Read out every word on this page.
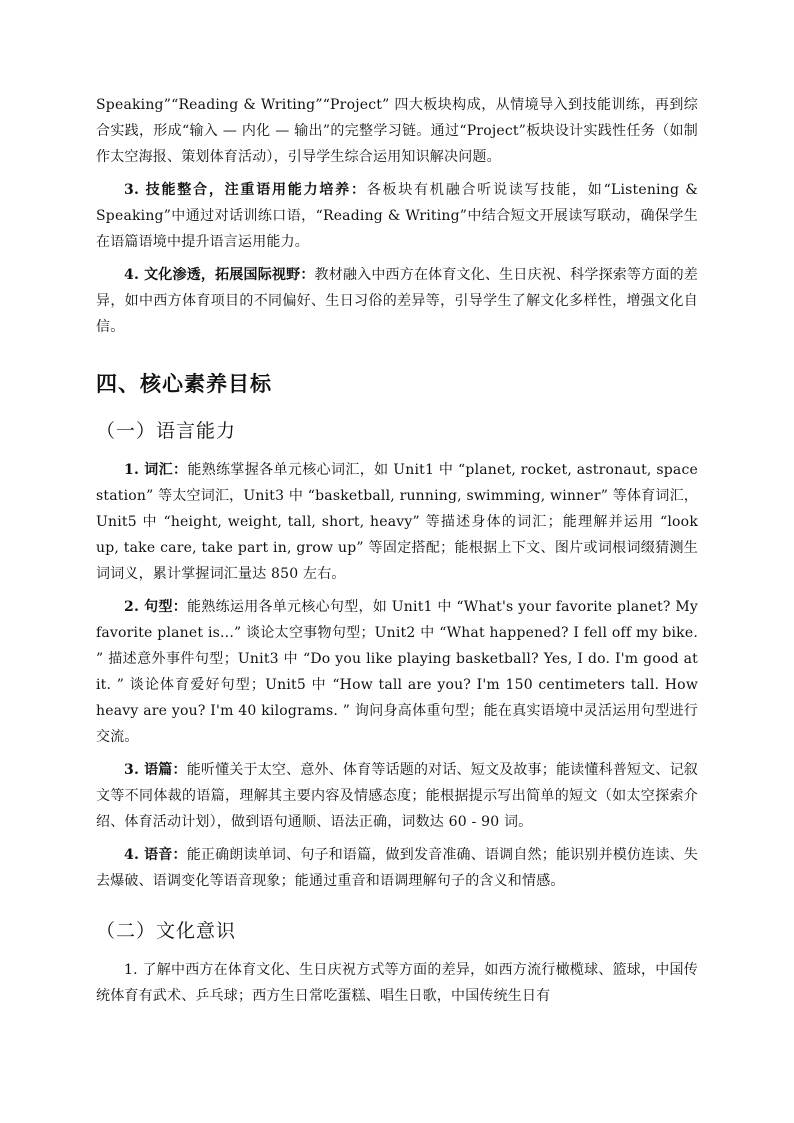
Speaking”“Reading & Writing”“Project” 四大板块构成，从情境导入到技能训练，再到综合实践，形成“输入 — 内化 — 输出”的完整学习链。通过“Project”板块设计实践性任务（如制作太空海报、策划体育活动），引导学生综合运用知识解决问题。

3. 技能整合，注重语用能力培养：各板块有机融合听说读写技能，如“Listening & Speaking”中通过对话训练口语，“Reading & Writing”中结合短文开展读写联动，确保学生在语篇语境中提升语言运用能力。

4. 文化渗透，拓展国际视野：教材融入中西方在体育文化、生日庆祝、科学探索等方面的差异，如中西方体育项目的不同偏好、生日习俗的差异等，引导学生了解文化多样性，增强文化自信。

四、核心素养目标
（一）语言能力

1. 词汇：能熟练掌握各单元核心词汇，如 Unit1 中 “planet, rocket, astronaut, space station” 等太空词汇，Unit3 中 “basketball, running, swimming, winner” 等体育词汇，Unit5 中 “height, weight, tall, short, heavy” 等描述身体的词汇；能理解并运用 “look up, take care, take part in, grow up” 等固定搭配；能根据上下文、图片或词根词缀猜测生词词义，累计掌握词汇量达 850 左右。

2. 句型：能熟练运用各单元核心句型，如 Unit1 中 “What's your favorite planet? My favorite planet is...” 谈论太空事物句型；Unit2 中 “What happened? I fell off my bike. ” 描述意外事件句型；Unit3 中 “Do you like playing basketball? Yes, I do. I'm good at it. ” 谈论体育爱好句型；Unit5 中 “How tall are you? I'm 150 centimeters tall. How heavy are you? I'm 40 kilograms. ” 询问身高体重句型；能在真实语境中灵活运用句型进行交流。

3. 语篇：能听懂关于太空、意外、体育等话题的对话、短文及故事；能读懂科普短文、记叙文等不同体裁的语篇，理解其主要内容及情感态度；能根据提示写出简单的短文（如太空探索介绍、体育活动计划），做到语句通顺、语法正确，词数达 60 - 90 词。

4. 语音：能正确朗读单词、句子和语篇，做到发音准确、语调自然；能识别并模仿连读、失去爆破、语调变化等语音现象；能通过重音和语调理解句子的含义和情感。

（二）文化意识

1. 了解中西方在体育文化、生日庆祝方式等方面的差异，如西方流行橄榄球、篮球，中国传统体育有武术、乒乓球；西方生日常吃蛋糕、唱生日歌，中国传统生日有
